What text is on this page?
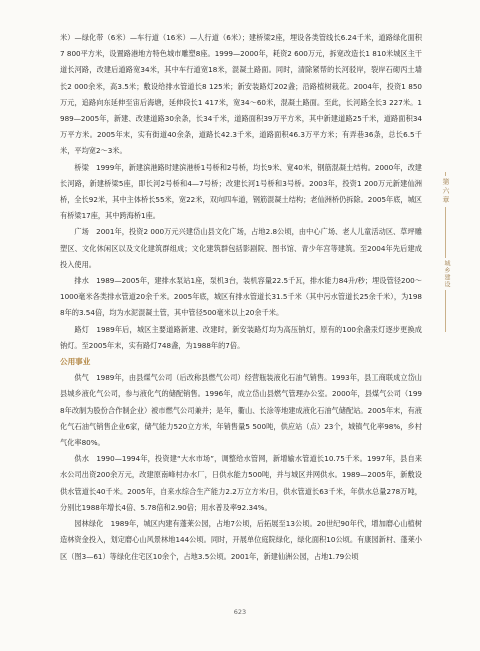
米）—绿化带（6米）—车行道（16米）—人行道（6米）；建桥梁2座，埋设各类管线长6.24千米，道路绿化面积7 800平方米，设置路港地方特色城市雕塑8座。1999—2000年，耗资2 600万元，拆宽改造长1 810米城区主干道长河路，改建后道路宽34米，其中车行道宽18米，混凝土路面。同时，清除紧帮的长河驳岸，裂岸石砌丙土墙长2 000余米，高3.5米；敷设给排水管道长8 125米；新安装路灯202盏；沿路植树栽花。2004年，投资1 850万元，追路向东延伸至宙后海塘，延伸段长1 417米，宽34～60米，混凝土路面。至此，长河路全长3 227米。1989—2005年，新建、改建道路30余条，长34千米，道路面积39万平方米，其中新建道路25千米，道路面积34万平方米。2005年末，实有街道40余条，道路长42.3千米，道路面积46.3万平方米；有弄巷36条，总长6.5千米，平均宽2～3米。

桥梁　1999年，新建滨港路时建滨港桥1号桥和2号桥，均长9米、宽40米，钢筋混凝土结构。2000年，改建长河路，新建桥梁5座，即长河2号桥和4—7号桥；改建长河1号桥和3号桥。2003年，投资1 200万元新建仙洲桥，全长92米，其中主体桥长55米，宽22米，双向四车道，钢筋混凝土结构；老仙洲桥仍拆除。2005年底，城区有桥梁17座，其中跨海桥1座。

广场　2001年，投资2 000万元兴建岱山县文化广场，占地2.8公顷，由中心广场、老人儿童活动区、草坪雕塑区、文化休闲区以及文化建筑群组成；文化建筑群包括影剧院、图书馆、青少年宫等建筑。至2004年先后建成投入使用。

排水　1989—2005年，建排水泵站1座，泵机3台，装机容量22.5千瓦，排水能力84升/秒；埋设管径200～1000毫米各类排水管道20余千米。2005年底，城区有排水管道长31.5千米（其中污水管道长25余千米），为1988年的3.54倍，均为水泥混凝土管，其中管径500毫米以上20余千米。

路灯　1989年后，城区主要道路新建、改建时，新安装路灯均为高压钠灯，原有的100余盏汞灯逐步更换成钠灯。至2005年末，实有路灯748盏，为1988年的7倍。

公用事业

供气　1989年，由县煤气公司（后改称县燃气公司）经营瓶装液化石油气销售。1993年，县工商联成立岱山县城乡液化气公司，参与液化气的储配销售。1996年，成立岱山县燃气管理办公室。2000年，县煤气公司（1998年改制为股份合作制企业）被市燃气公司兼并；是年，衢山、长涂等地建成液化石油气储配站。2005年末，有液化气石油气销售企业6家，储气能力520立方米，年销售量5 500吨，供应站（点）23个，城镇气化率98%，乡村气化率80%。

供水　1990—1994年，投资建“大水市场”，调整给水管网，新增输水管道长10.75千米。1997年，县自来水公司出资200余万元，改建原南峰村办水厂，日供水能力500吨，并与城区并网供水。1989—2005年，新敷设供水管道长40千米。2005年，自来水综合生产能力2.2万立方米/日，供水管道长63千米，年供水总量278万吨，分别比1988年增长4倍、5.78倍和2.90倍；用水普及率92.34%。

园林绿化　1989年，城区内建有蓬莱公园，占地7公顷，后拓展至13公顷。20世纪90年代，增加磨心山植树造林资金投入，划定磨心山风景林地144公顷。同时，开展单位庭院绿化，绿化面积10公顷。有康园新村、蓬莱小区（图3—61）等绿化住宅区10余个，占地3.5公顷。2001年，新建仙洲公园，占地1.79公顷

第六章
城乡建设
623
